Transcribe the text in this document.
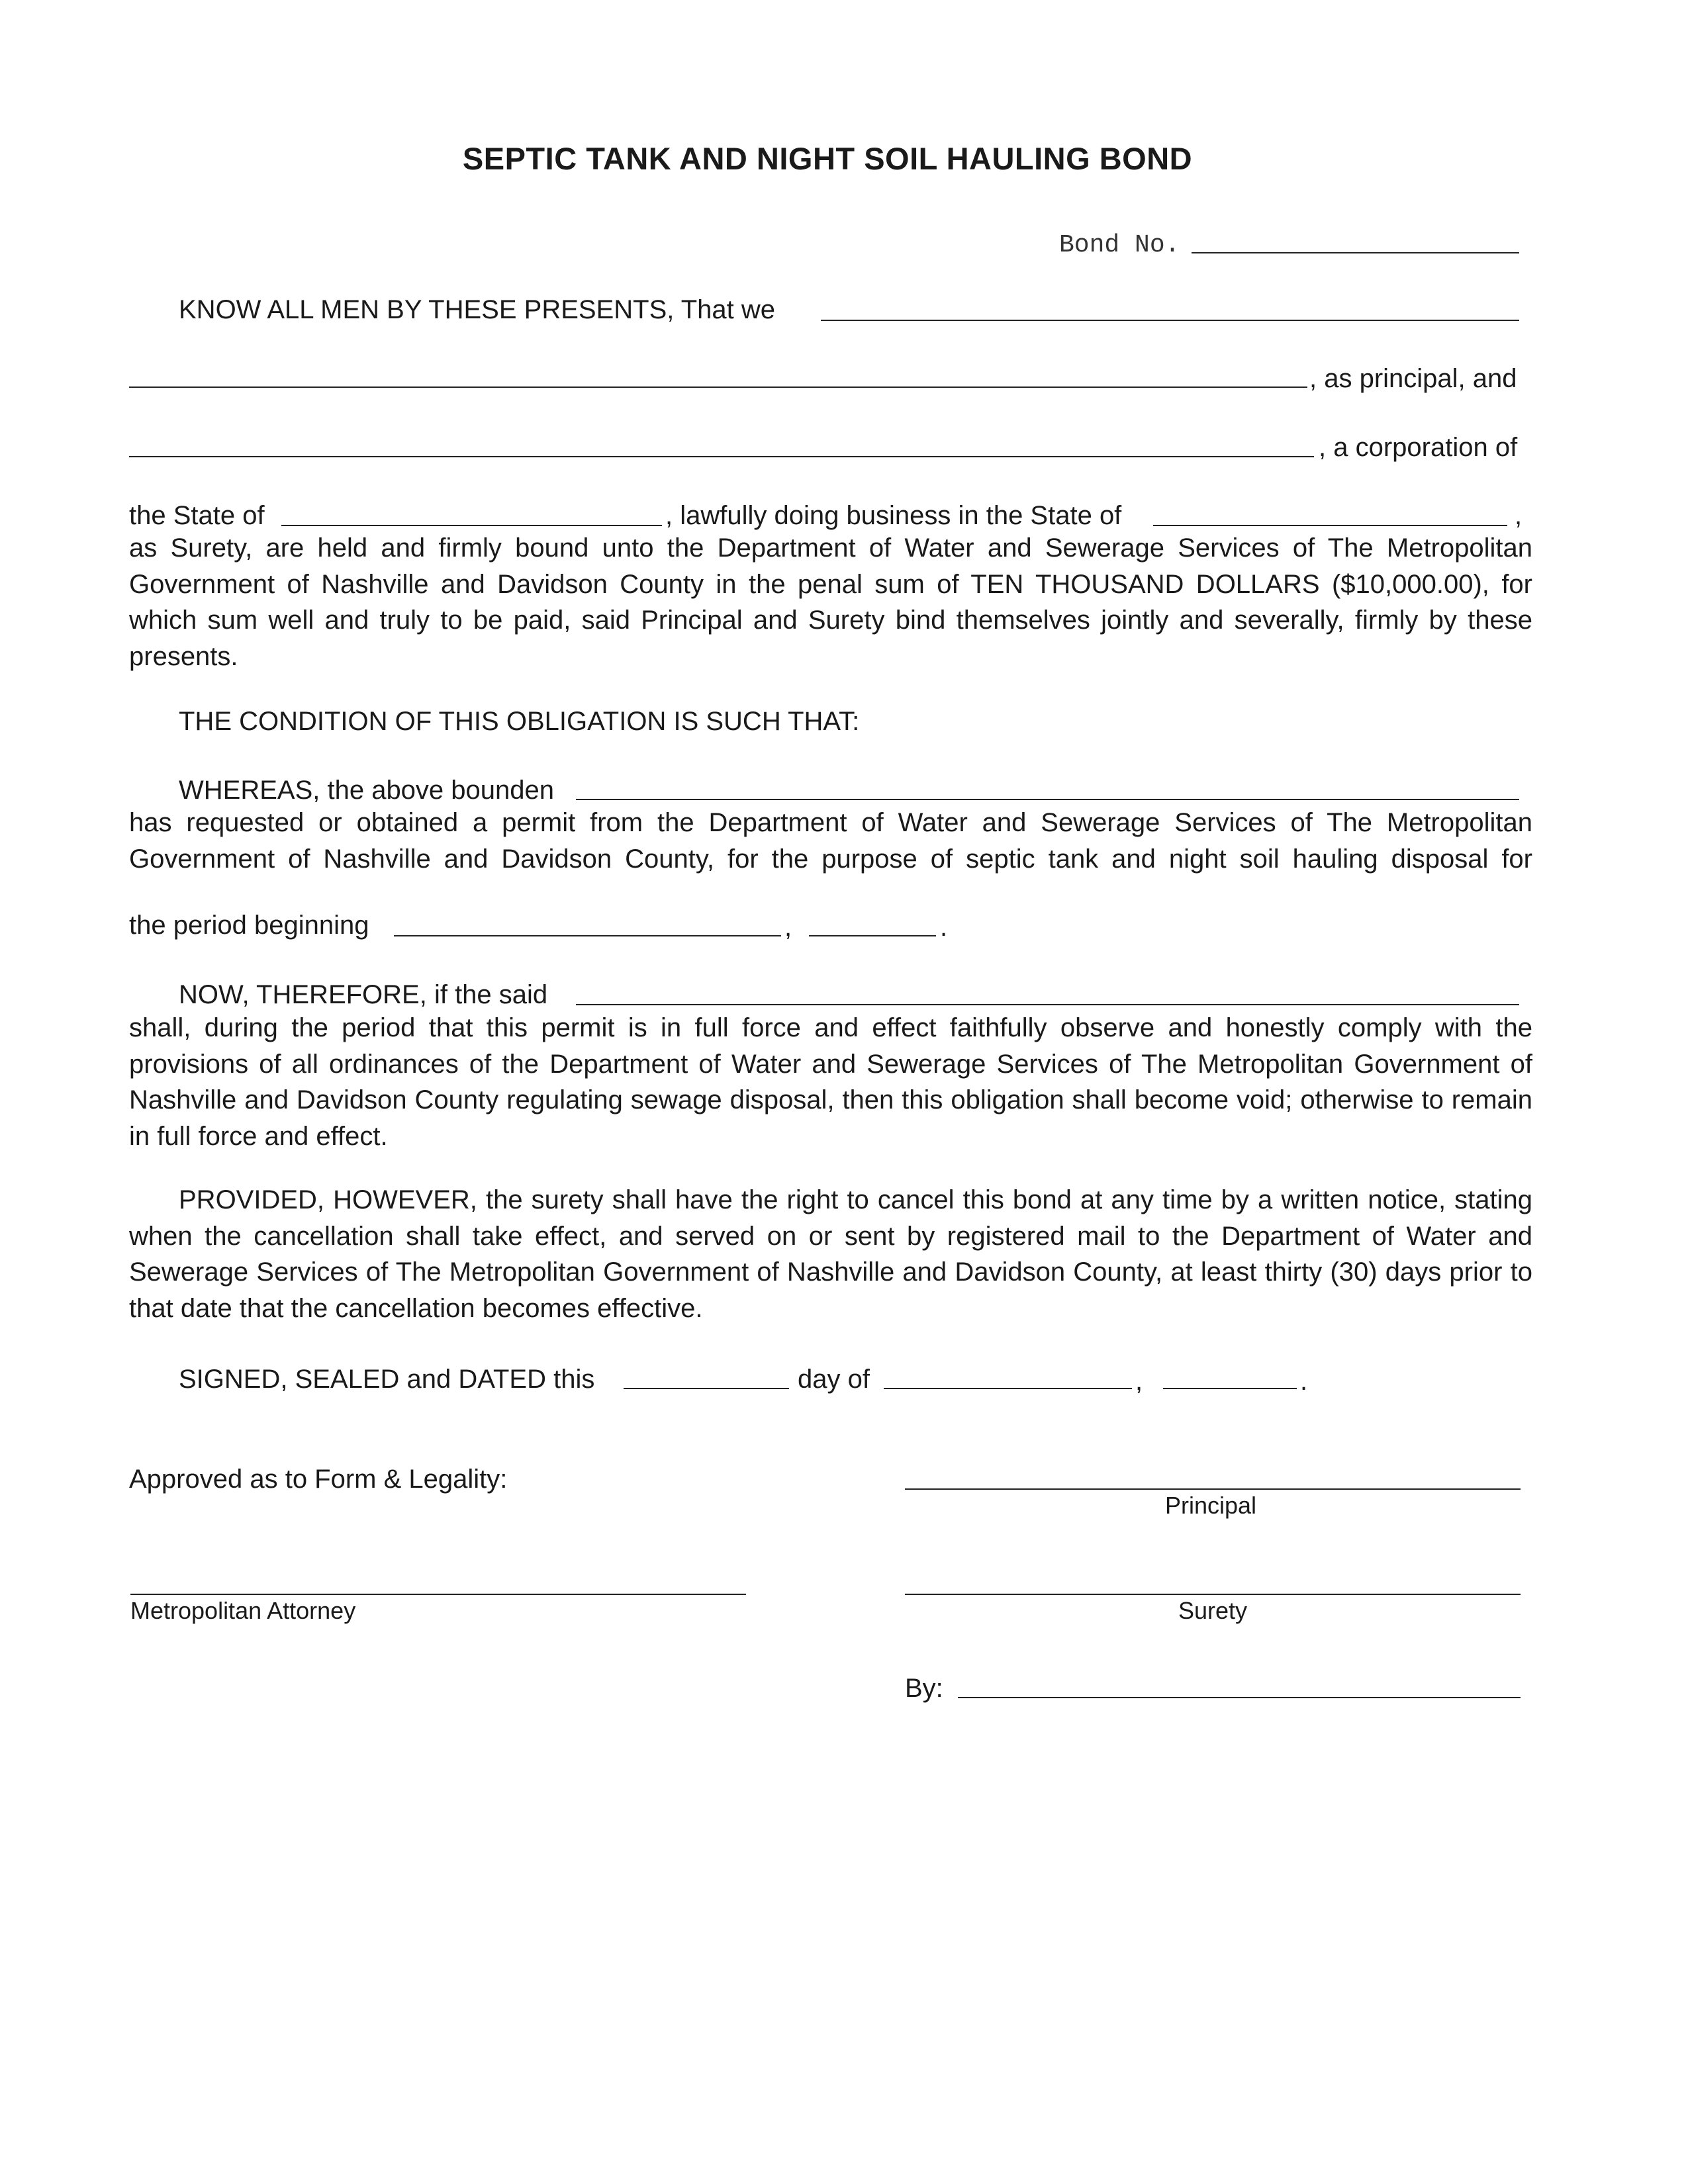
SEPTIC TANK AND NIGHT SOIL HAULING BOND
Bond No.
KNOW ALL MEN BY THESE PRESENTS, That we
, as principal, and
, a corporation of
the State of	, lawfully doing business in the State of	,

as Surety, are held and firmly bound unto the Department of Water and Sewerage Services of The Metropolitan Government of Nashville and Davidson County in the penal sum of TEN THOUSAND DOLLARS ($10,000.00), for which sum well and truly to be paid, said Principal and Surety bind themselves jointly and severally, firmly by these presents.

THE CONDITION OF THIS OBLIGATION IS SUCH THAT:
WHEREAS, the above bounden

has requested or obtained a permit from the Department of Water and Sewerage Services of The Metropolitan Government of Nashville and Davidson County, for the purpose of septic tank and night soil hauling disposal for

the period beginning	,	.
NOW, THEREFORE, if the said

shall, during the period that this permit is in full force and effect faithfully observe and honestly comply with the provisions of all ordinances of the Department of Water and Sewerage Services of The Metropolitan Government of Nashville and Davidson County regulating sewage disposal, then this obligation shall become void; otherwise to remain in full force and effect.

PROVIDED, HOWEVER, the surety shall have the right to cancel this bond at any time by a written notice, stating when the cancellation shall take effect, and served on or sent by registered mail to the Department of Water and Sewerage Services of The Metropolitan Government of Nashville and Davidson County, at least thirty (30) days prior to that date that the cancellation becomes effective.

SIGNED, SEALED and DATED this	day of	,	.
Approved as to Form & Legality:
Principal
Metropolitan Attorney	Surety
By:
